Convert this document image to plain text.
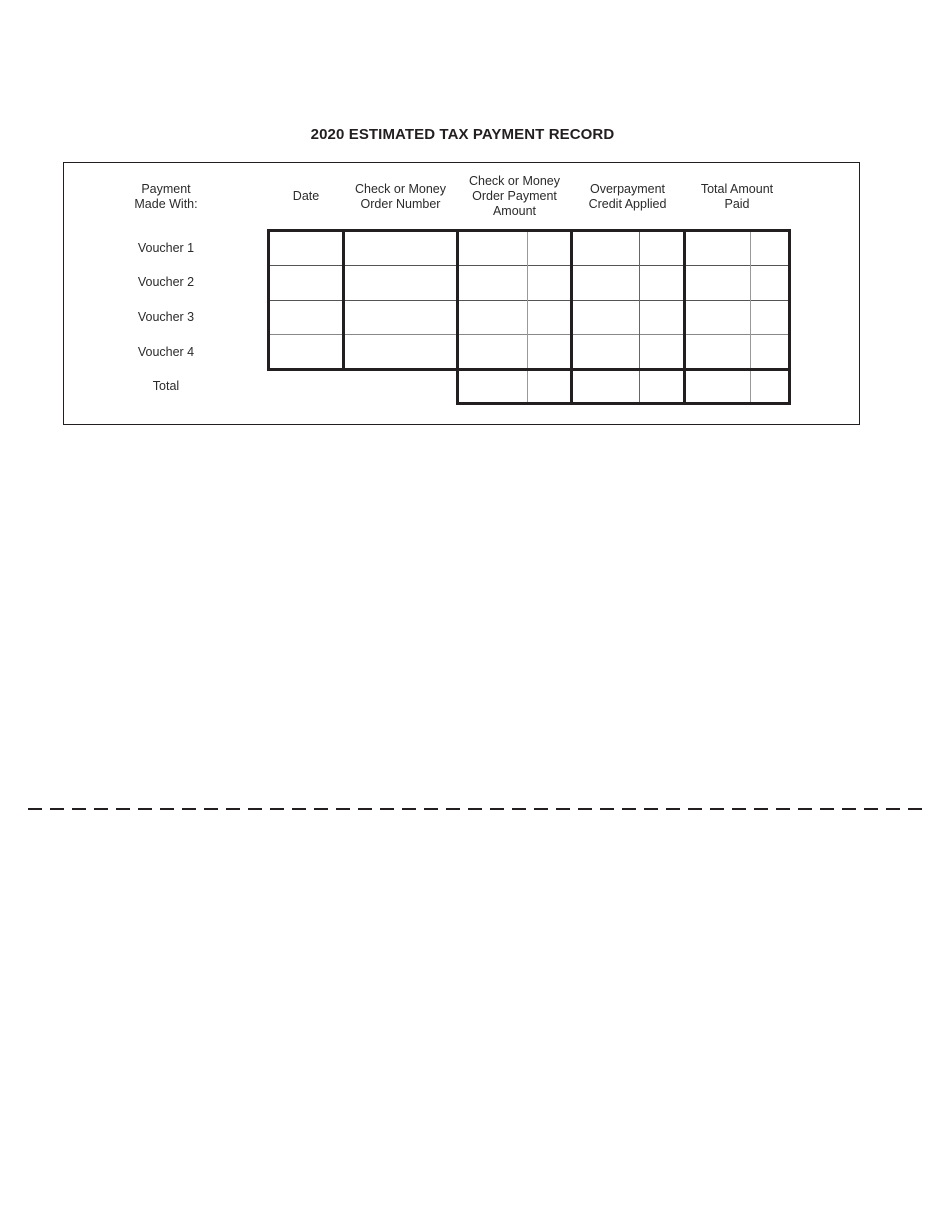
2020 ESTIMATED TAX PAYMENT RECORD
Payment
Made With:
Date	Check or Money
Order Number
Check or Money
Order Payment
Amount
Overpayment
Credit Applied
Total Amount
Paid
Voucher 1
Voucher 2
Voucher 3
Voucher 4
Total
